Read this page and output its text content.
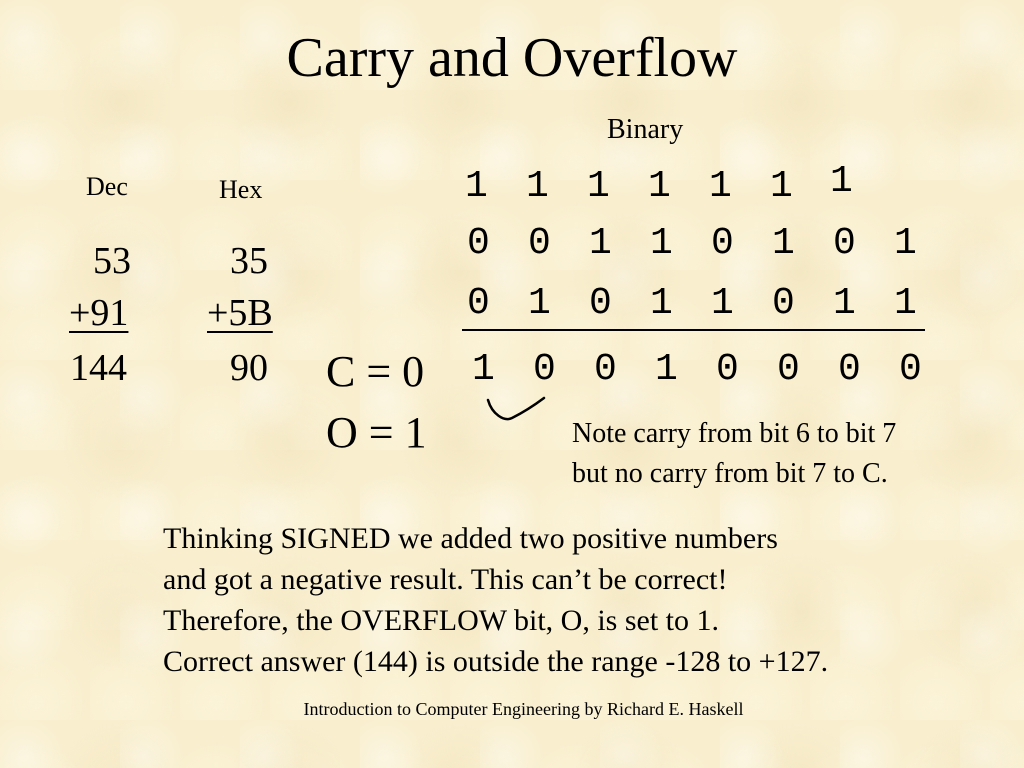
Carry and Overflow
Binary
Dec
53
+91
144
Hex
35
+5B
90
1 1 1 1 1 1 1
0 0 1 1 0 1 0 1
0 1 0 1 1 0 1 1
1 0 0 1 0 0 0 0
C = 0
O = 1	Note carry from bit 6 to bit 7
but no carry from bit 7 to C.
Thinking SIGNED we added two positive numbers
and got a negative result. This can’t be correct!
Therefore, the OVERFLOW bit, O, is set to 1.
Correct answer (144) is outside the range -128 to +127.
Introduction to Computer Engineering by Richard E. Haskell
